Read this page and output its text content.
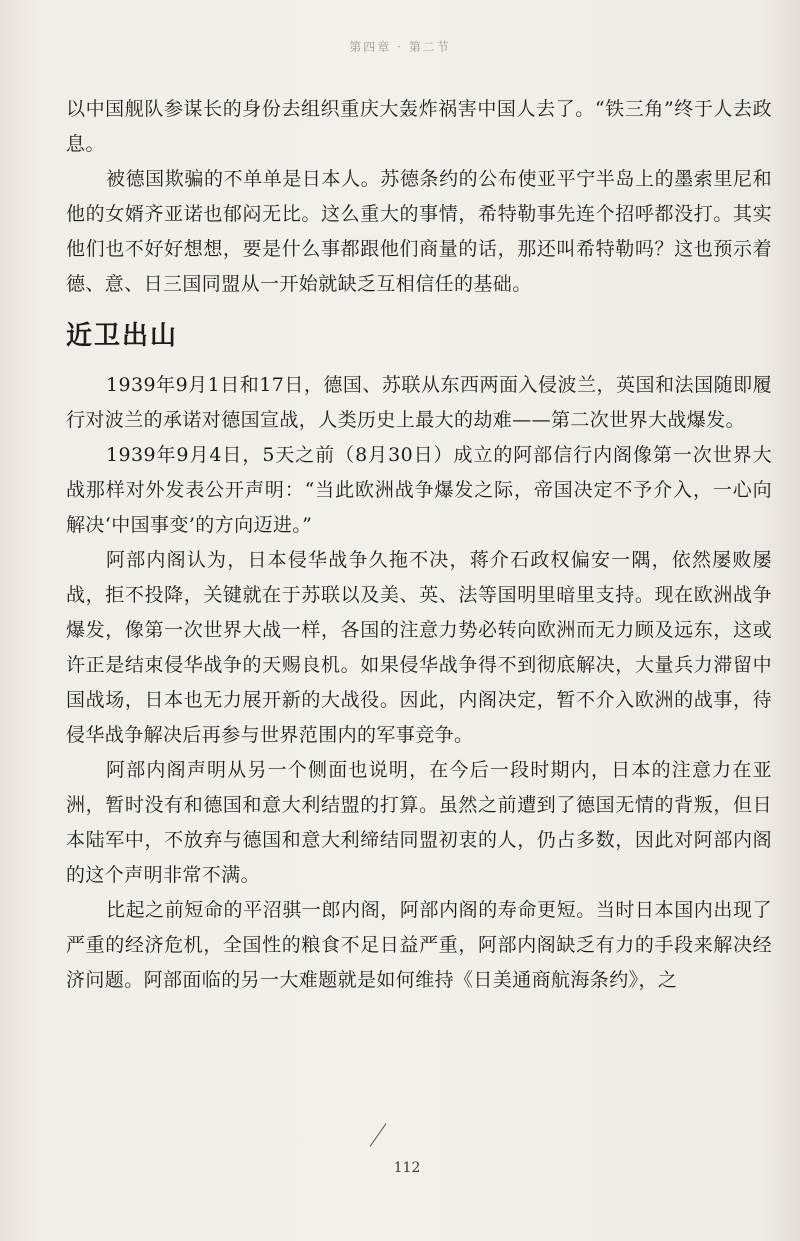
第四章 · 第二节

以中国舰队参谋长的身份去组织重庆大轰炸祸害中国人去了。“铁三角”终于人去政息。

被德国欺骗的不单单是日本人。苏德条约的公布使亚平宁半岛上的墨索里尼和他的女婿齐亚诺也郁闷无比。这么重大的事情，希特勒事先连个招呼都没打。其实他们也不好好想想，要是什么事都跟他们商量的话，那还叫希特勒吗？这也预示着德、意、日三国同盟从一开始就缺乏互相信任的基础。

近卫出山

1939年9月1日和17日，德国、苏联从东西两面入侵波兰，英国和法国随即履行对波兰的承诺对德国宣战，人类历史上最大的劫难——第二次世界大战爆发。

1939年9月4日，5天之前（8月30日）成立的阿部信行内阁像第一次世界大战那样对外发表公开声明：“当此欧洲战争爆发之际，帝国决定不予介入，一心向解决‘中国事变’的方向迈进。”

阿部内阁认为，日本侵华战争久拖不决，蒋介石政权偏安一隅，依然屡败屡战，拒不投降，关键就在于苏联以及美、英、法等国明里暗里支持。现在欧洲战争爆发，像第一次世界大战一样，各国的注意力势必转向欧洲而无力顾及远东，这或许正是结束侵华战争的天赐良机。如果侵华战争得不到彻底解决，大量兵力滞留中国战场，日本也无力展开新的大战役。因此，内阁决定，暂不介入欧洲的战事，待侵华战争解决后再参与世界范围内的军事竞争。

阿部内阁声明从另一个侧面也说明，在今后一段时期内，日本的注意力在亚洲，暂时没有和德国和意大利结盟的打算。虽然之前遭到了德国无情的背叛，但日本陆军中，不放弃与德国和意大利缔结同盟初衷的人，仍占多数，因此对阿部内阁的这个声明非常不满。

比起之前短命的平沼骐一郎内阁，阿部内阁的寿命更短。当时日本国内出现了严重的经济危机，全国性的粮食不足日益严重，阿部内阁缺乏有力的手段来解决经济问题。阿部面临的另一大难题就是如何维持《日美通商航海条约》，之

112
